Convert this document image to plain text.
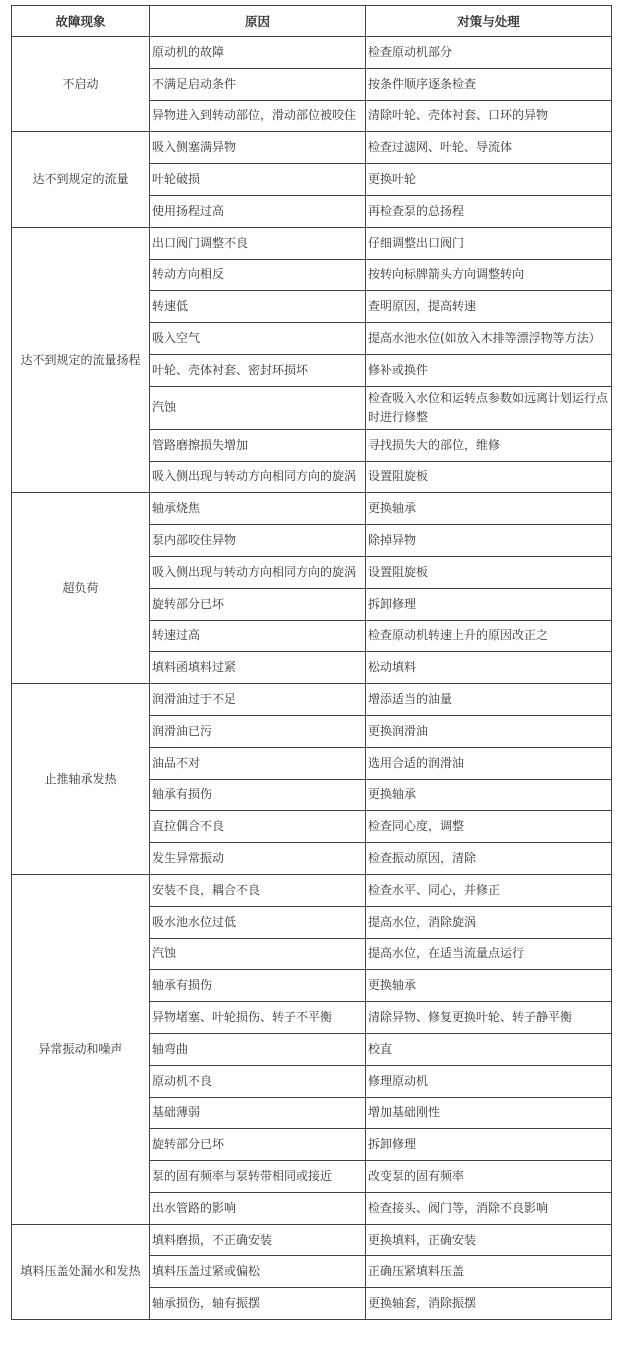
故障现象	原因	对策与处理
不启动	原动机的故障	检查原动机部分
	不满足启动条件	按条件顺序逐条检查
	异物进入到转动部位，滑动部位被咬住	清除叶轮、壳体衬套、口环的异物
达不到规定的流量	吸入侧塞满异物	检查过滤网、叶轮、导流体
	叶轮破损	更换叶轮
	使用扬程过高	再检查泵的总扬程
达不到规定的流量扬程	出口阀门调整不良	仔细调整出口阀门
	转动方向相反	按转向标牌箭头方向调整转向
	转速低	查明原因，提高转速
	吸入空气	提高水池水位(如放入木排等漂浮物等方法）
	叶轮、壳体衬套、密封环损坏	修补或换件
	汽蚀	检查吸入水位和运转点参数如远离计划运行点时进行修整
	管路磨擦损失增加	寻找损失大的部位，维修
	吸入侧出现与转动方向相同方向的旋涡	设置阻旋板
超负荷	轴承烧焦	更换轴承
	泵内部咬住异物	除掉异物
	吸入侧出现与转动方向相同方向的旋涡	设置阻旋板
	旋转部分已坏	拆卸修理
	转速过高	检查原动机转速上升的原因改正之
	填料函填料过紧	松动填料
止推轴承发热	润滑油过于不足	增添适当的油量
	润滑油已污	更换润滑油
	油品不对	选用合适的润滑油
	轴承有损伤	更换轴承
	直拉偶合不良	检查同心度，调整
	发生异常振动	检查振动原因，清除
异常振动和噪声	安装不良，耦合不良	检查水平、同心，并修正
	吸水池水位过低	提高水位，消除旋涡
	汽蚀	提高水位，在适当流量点运行
	轴承有损伤	更换轴承
	异物堵塞、叶轮损伤、转子不平衡	清除异物、修复更换叶轮、转子静平衡
	轴弯曲	校直
	原动机不良	修理原动机
	基础薄弱	增加基础刚性
	旋转部分已坏	拆卸修理
	泵的固有频率与泵转带相同或接近	改变泵的固有频率
	出水管路的影响	检查接头、阀门等，消除不良影响
填料压盖处漏水和发热	填料磨损，不正确安装	更换填料，正确安装
	填料压盖过紧或偏松	正确压紧填料压盖
	轴承损伤，轴有振摆	更换轴套，消除振摆
